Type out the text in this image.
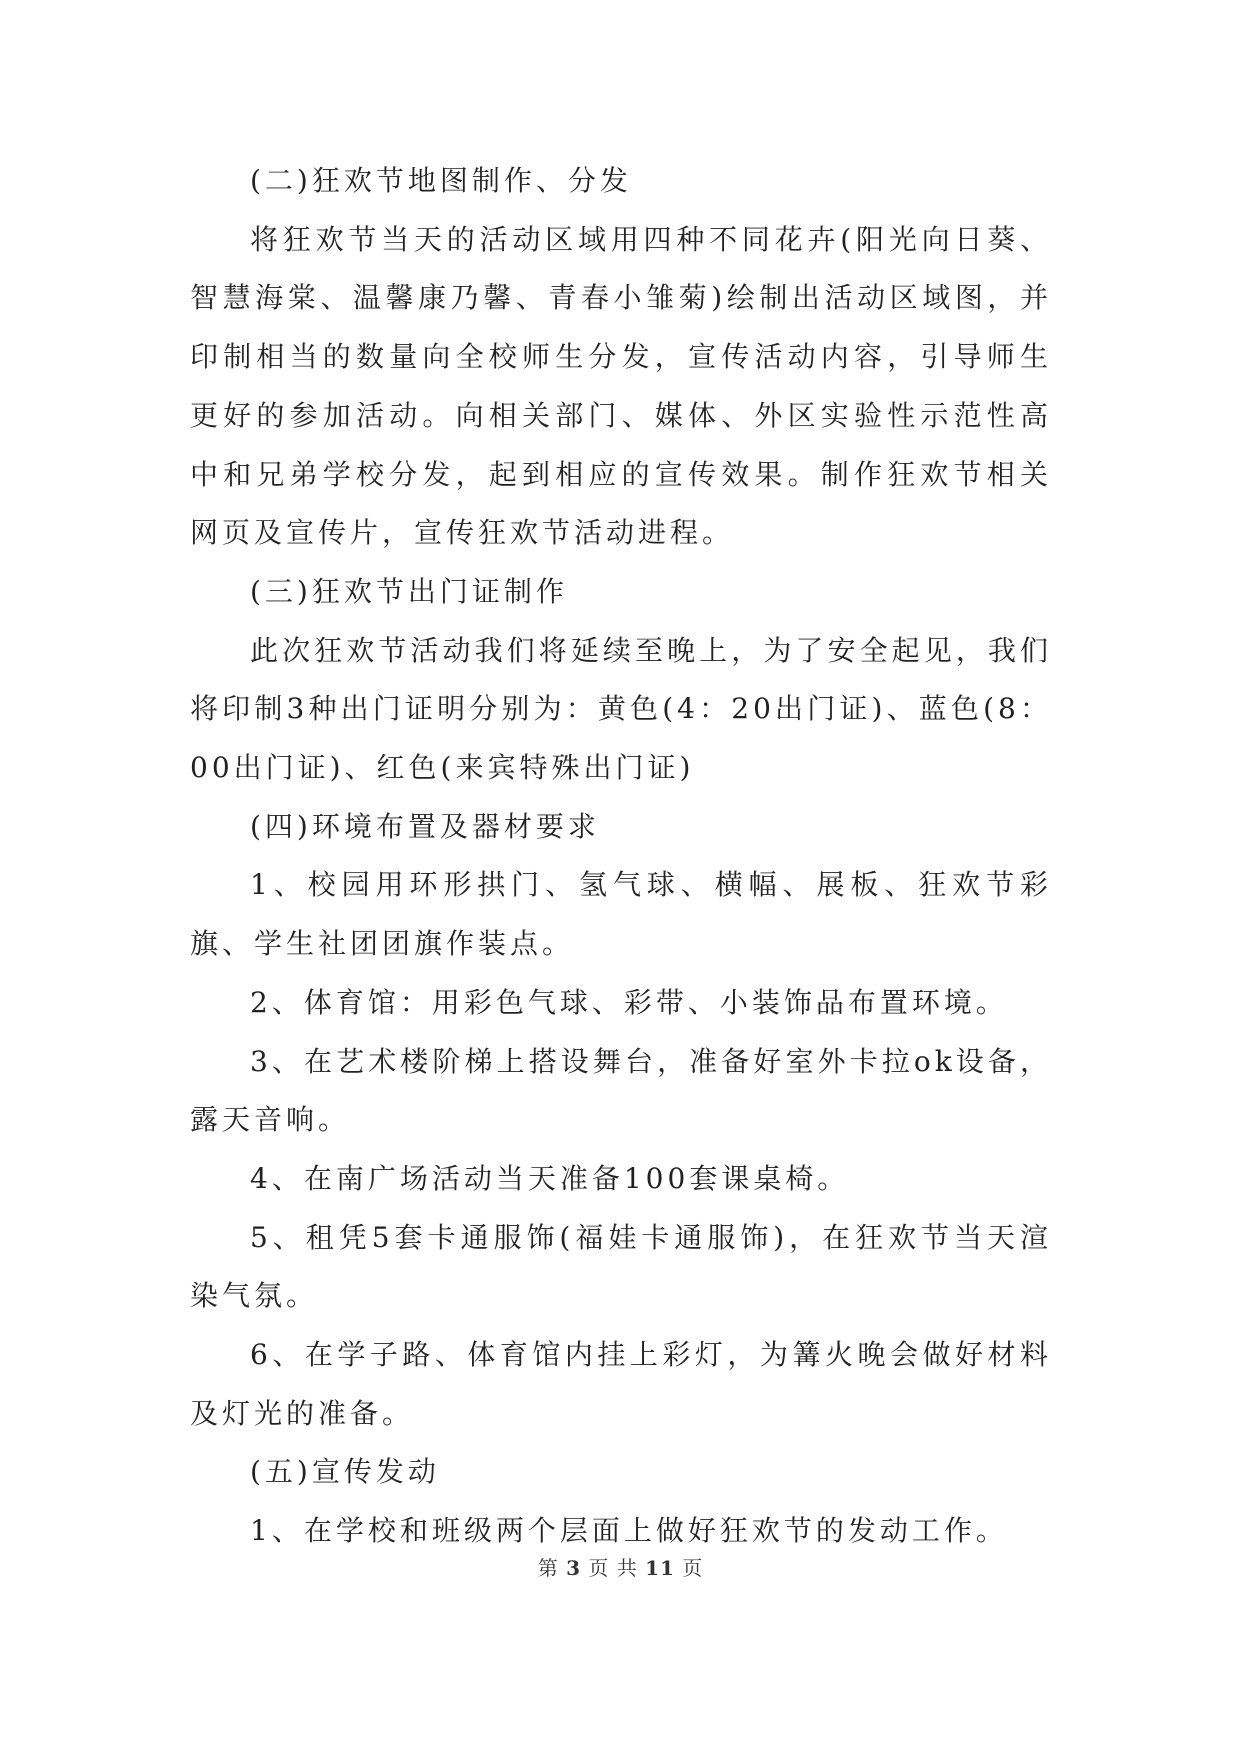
(二)狂欢节地图制作、分发

将狂欢节当天的活动区域用四种不同花卉(阳光向日葵、智慧海棠、温馨康乃馨、青春小雏菊)绘制出活动区域图，并印制相当的数量向全校师生分发，宣传活动内容，引导师生更好的参加活动。向相关部门、媒体、外区实验性示范性高中和兄弟学校分发，起到相应的宣传效果。制作狂欢节相关网页及宣传片，宣传狂欢节活动进程。

(三)狂欢节出门证制作

此次狂欢节活动我们将延续至晚上，为了安全起见，我们将印制3种出门证明分别为：黄色(4：20出门证)、蓝色(8：00出门证)、红色(来宾特殊出门证)

(四)环境布置及器材要求

1、校园用环形拱门、氢气球、横幅、展板、狂欢节彩旗、学生社团团旗作装点。

2、体育馆：用彩色气球、彩带、小装饰品布置环境。

3、在艺术楼阶梯上搭设舞台，准备好室外卡拉ok设备，露天音响。

4、在南广场活动当天准备100套课桌椅。

5、租凭5套卡通服饰(福娃卡通服饰)，在狂欢节当天渲染气氛。

6、在学子路、体育馆内挂上彩灯，为篝火晚会做好材料及灯光的准备。

(五)宣传发动

1、在学校和班级两个层面上做好狂欢节的发动工作。

第 3 页 共 11 页
